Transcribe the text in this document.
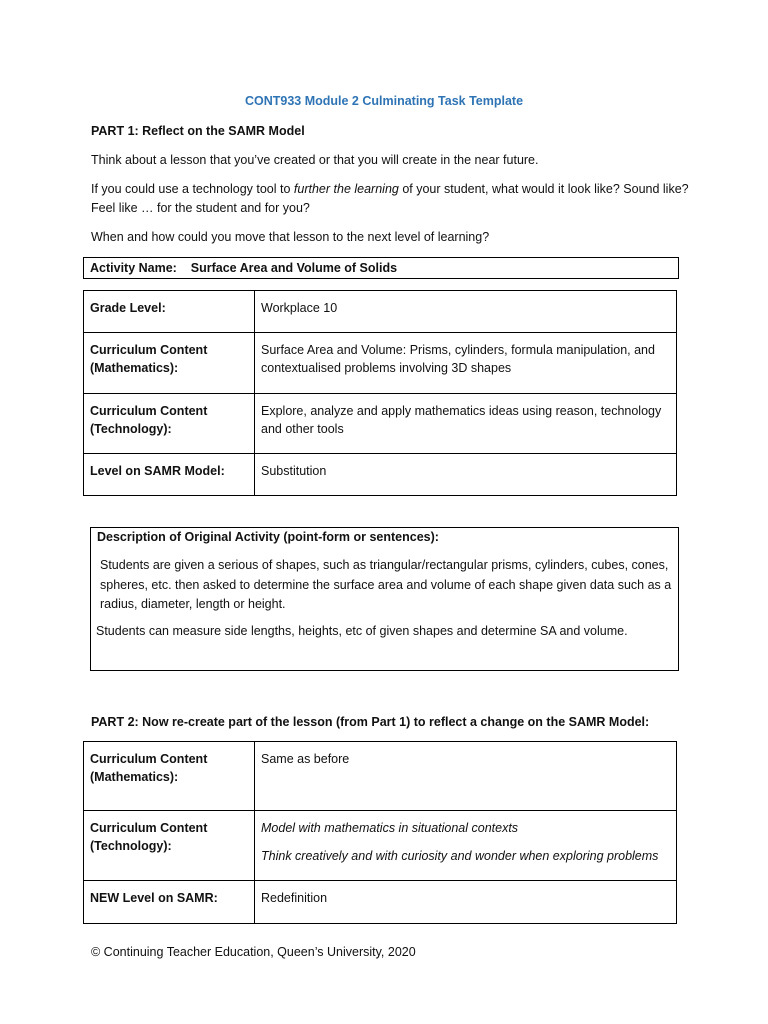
CONT933 Module 2 Culminating Task Template

PART 1: Reflect on the SAMR Model

Think about a lesson that you’ve created or that you will create in the near future.

If you could use a technology tool to further the learning of your student, what would it look like? Sound like? Feel like … for the student and for you?

When and how could you move that lesson to the next level of learning?

Activity Name: Surface Area and Volume of Solids
Grade Level:	Workplace 10

Curriculum Content (Mathematics):	Surface Area and Volume: Prisms, cylinders, formula manipulation, and contextualised problems involving 3D shapes

Curriculum Content (Technology):	Explore, analyze and apply mathematics ideas using reason, technology and other tools

Level on SAMR Model:	Substitution
Description of Original Activity (point-form or sentences):
Students are given a serious of shapes, such as triangular/rectangular prisms, cylinders, cubes, cones, spheres, etc. then asked to determine the surface area and volume of each shape given data such as a radius, diameter, length or height.
Students can measure side lengths, heights, etc of given shapes and determine SA and volume.

PART 2: Now re-create part of the lesson (from Part 1) to reflect a change on the SAMR Model:

Curriculum Content (Mathematics):	Same as before

Curriculum Content (Technology):	Model with mathematics in situational contexts
Think creatively and with curiosity and wonder when exploring problems

NEW Level on SAMR:	Redefinition
© Continuing Teacher Education, Queen’s University, 2020
